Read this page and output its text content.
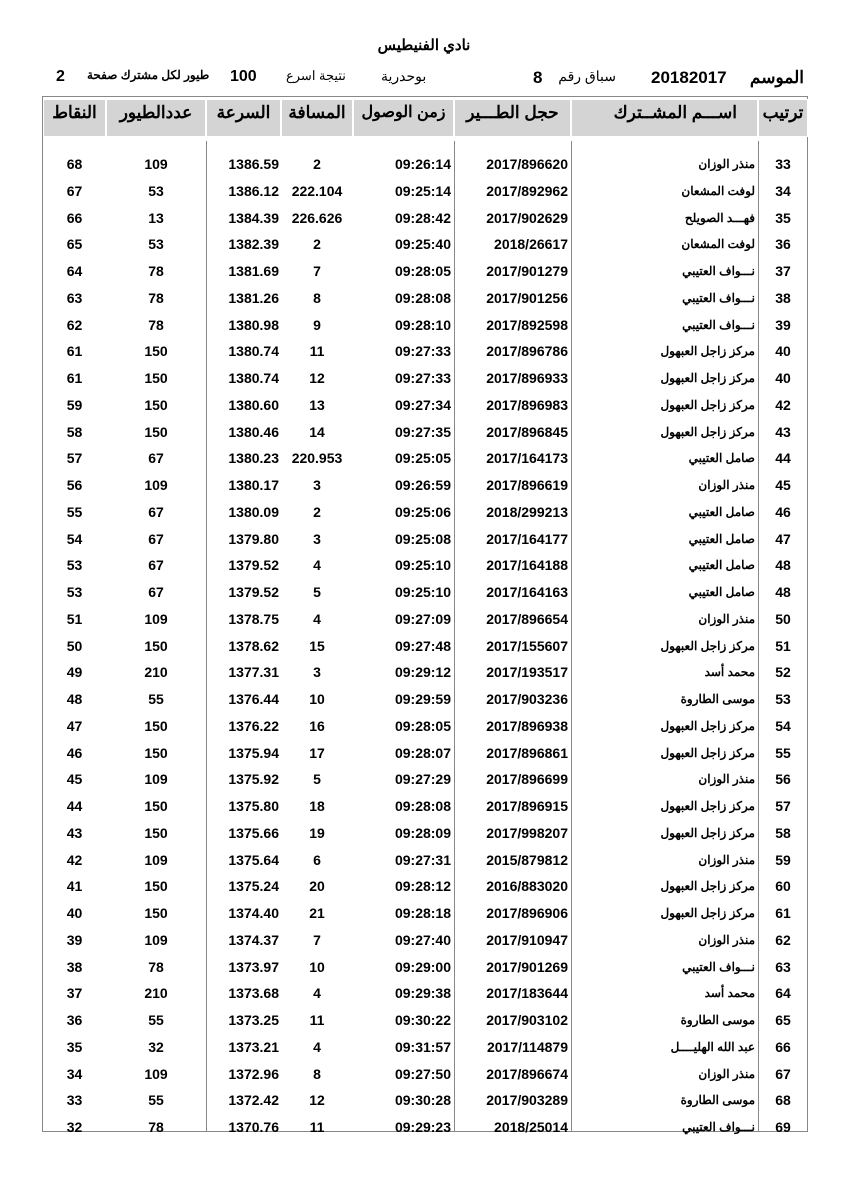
نادي الفنيطيس
الموسم
20182017
سباق رقم
8
بوحدرية
نتيجة اسرع
100
طيور لكل مشترك صفحة
2
ترتيب
اســـم المشــترك
حجل الطـــير
زمن الوصول
المسافة
السرعة
عددالطيور
النقاط
33
منذر الوزان
2017/896620
09:26:14
2
1386.59
109
68
34
لوفت المشعان
2017/892962
09:25:14
222.104
1386.12
53
67
35
فهـــد الصويلح
2017/902629
09:28:42
226.626
1384.39
13
66
36
لوفت المشعان
2018/26617
09:25:40
2
1382.39
53
65
37
نـــواف العتيبي
2017/901279
09:28:05
7
1381.69
78
64
38
نـــواف العتيبي
2017/901256
09:28:08
8
1381.26
78
63
39
نـــواف العتيبي
2017/892598
09:28:10
9
1380.98
78
62
40
مركز زاجل العبهول
2017/896786
09:27:33
11
1380.74
150
61
40
مركز زاجل العبهول
2017/896933
09:27:33
12
1380.74
150
61
42
مركز زاجل العبهول
2017/896983
09:27:34
13
1380.60
150
59
43
مركز زاجل العبهول
2017/896845
09:27:35
14
1380.46
150
58
44
صامل العتيبي
2017/164173
09:25:05
220.953
1380.23
67
57
45
منذر الوزان
2017/896619
09:26:59
3
1380.17
109
56
46
صامل العتيبي
2018/299213
09:25:06
2
1380.09
67
55
47
صامل العتيبي
2017/164177
09:25:08
3
1379.80
67
54
48
صامل العتيبي
2017/164188
09:25:10
4
1379.52
67
53
48
صامل العتيبي
2017/164163
09:25:10
5
1379.52
67
53
50
منذر الوزان
2017/896654
09:27:09
4
1378.75
109
51
51
مركز زاجل العبهول
2017/155607
09:27:48
15
1378.62
150
50
52
محمد أسد
2017/193517
09:29:12
3
1377.31
210
49
53
موسى الطاروة
2017/903236
09:29:59
10
1376.44
55
48
54
مركز زاجل العبهول
2017/896938
09:28:05
16
1376.22
150
47
55
مركز زاجل العبهول
2017/896861
09:28:07
17
1375.94
150
46
56
منذر الوزان
2017/896699
09:27:29
5
1375.92
109
45
57
مركز زاجل العبهول
2017/896915
09:28:08
18
1375.80
150
44
58
مركز زاجل العبهول
2017/998207
09:28:09
19
1375.66
150
43
59
منذر الوزان
2015/879812
09:27:31
6
1375.64
109
42
60
مركز زاجل العبهول
2016/883020
09:28:12
20
1375.24
150
41
61
مركز زاجل العبهول
2017/896906
09:28:18
21
1374.40
150
40
62
منذر الوزان
2017/910947
09:27:40
7
1374.37
109
39
63
نـــواف العتيبي
2017/901269
09:29:00
10
1373.97
78
38
64
محمد أسد
2017/183644
09:29:38
4
1373.68
210
37
65
موسى الطاروة
2017/903102
09:30:22
11
1373.25
55
36
66
عبد الله الهليــــل
2017/114879
09:31:57
4
1373.21
32
35
67
منذر الوزان
2017/896674
09:27:50
8
1372.96
109
34
68
موسى الطاروة
2017/903289
09:30:28
12
1372.42
55
33
69
نـــواف العتيبي
2018/25014
09:29:23
11
1370.76
78
32
